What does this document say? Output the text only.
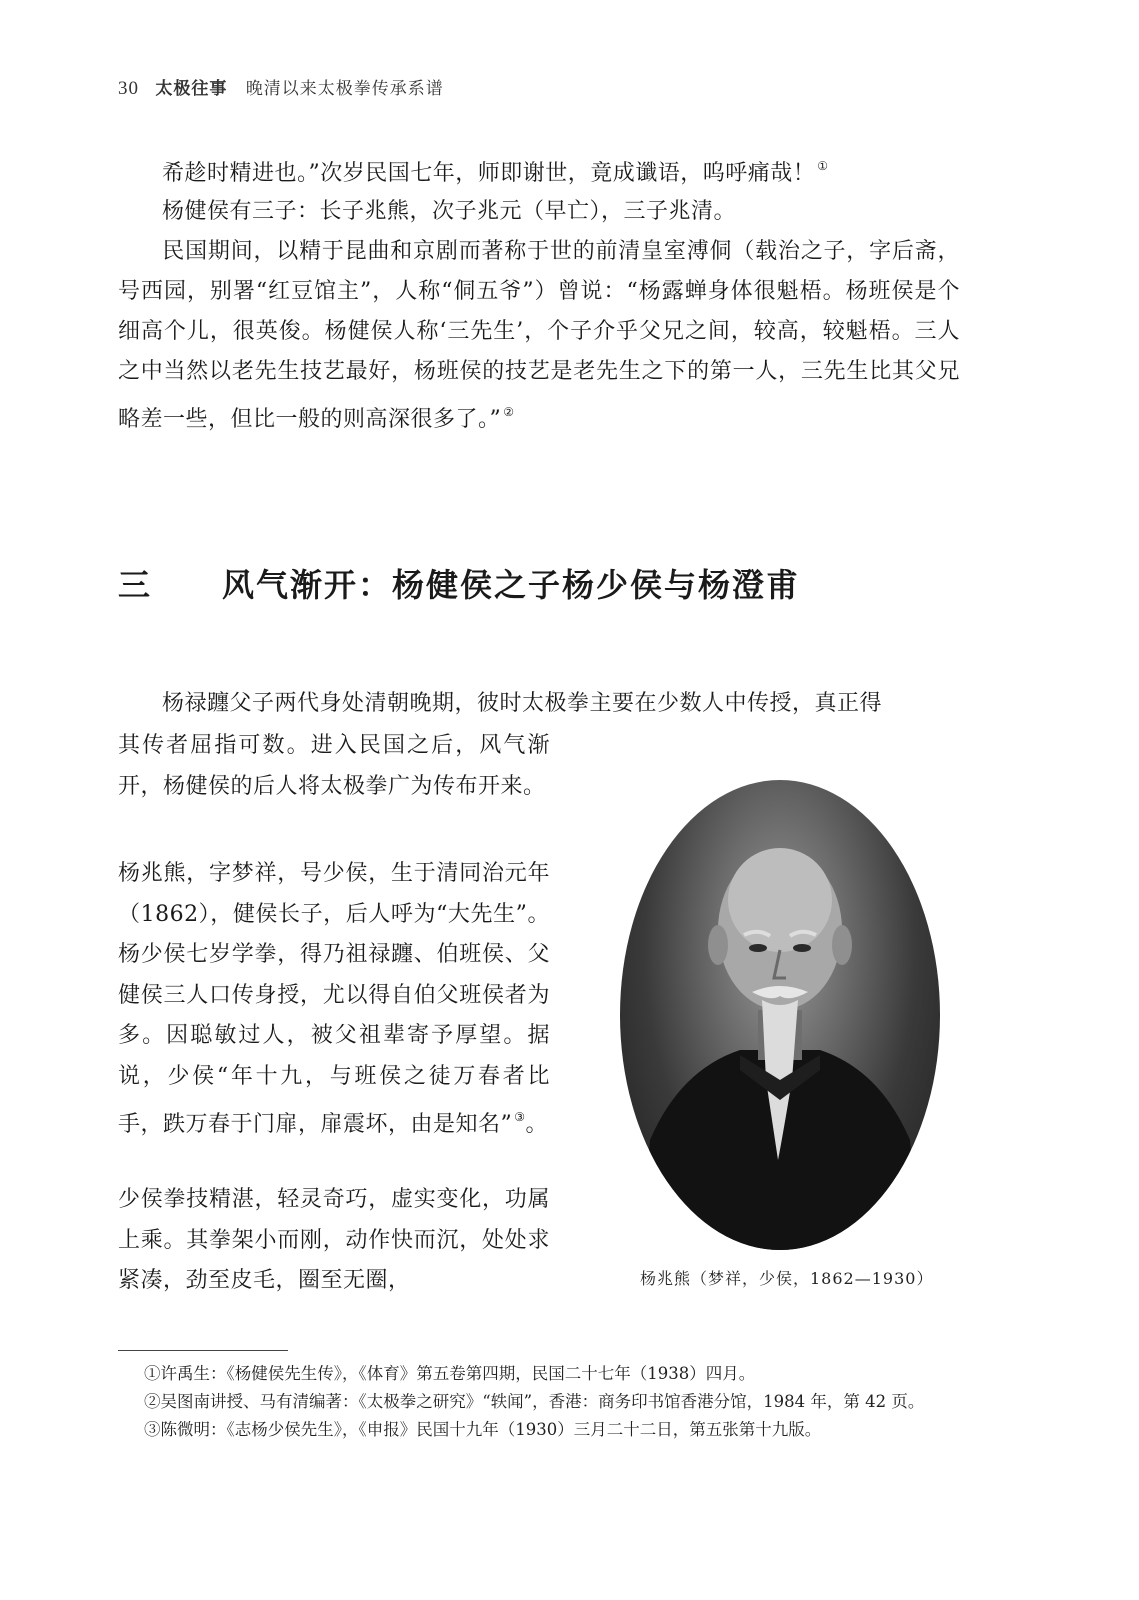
30 太极往事 晚清以来太极拳传承系谱
希趁时精进也。”次岁民国七年，师即谢世，竟成谶语，呜呼痛哉！ ①
杨健侯有三子：长子兆熊，次子兆元（早亡），三子兆清。
民国期间，以精于昆曲和京剧而著称于世的前清皇室溥侗（载治之子，字后斋，号西园，别署“红豆馆主”，人称“侗五爷”）曾说：“杨露蝉身体很魁梧。杨班侯是个细高个儿，很英俊。杨健侯人称‘三先生’，个子介乎父兄之间，较高，较魁梧。三人之中当然以老先生技艺最好，杨班侯的技艺是老先生之下的第一人，三先生比其父兄略差一些，但比一般的则高深很多了。” ②
三 风气渐开：杨健侯之子杨少侯与杨澄甫
杨禄躔父子两代身处清朝晚期，彼时太极拳主要在少数人中传授，真正得
其传者屈指可数。进入民国之后，风气渐开，杨健侯的后人将太极拳广为传布开来。
杨兆熊，字梦祥，号少侯，生于清同治元年（1862），健侯长子，后人呼为“大先生”。杨少侯七岁学拳，得乃祖禄躔、伯班侯、父健侯三人口传身授，尤以得自伯父班侯者为多。因聪敏过人，被父祖辈寄予厚望。据说，少侯“年十九，与班侯之徒万春者比手，跌万春于门扉，扉震坏，由是知名” ③。
少侯拳技精湛，轻灵奇巧，虚实变化，功属上乘。其拳架小而刚，动作快而沉，处处求紧凑，劲至皮毛，圈至无圈，	杨兆熊（梦祥，少侯，1862—1930）

①许禹生：《杨健侯先生传》，《体育》第五卷第四期，民国二十七年（1938）四月。

②吴图南讲授、马有清编著：《太极拳之研究》“轶闻”，香港：商务印书馆香港分馆，1984 年，第 42 页。

③陈微明：《志杨少侯先生》，《申报》民国十九年（1930）三月二十二日，第五张第十九版。
